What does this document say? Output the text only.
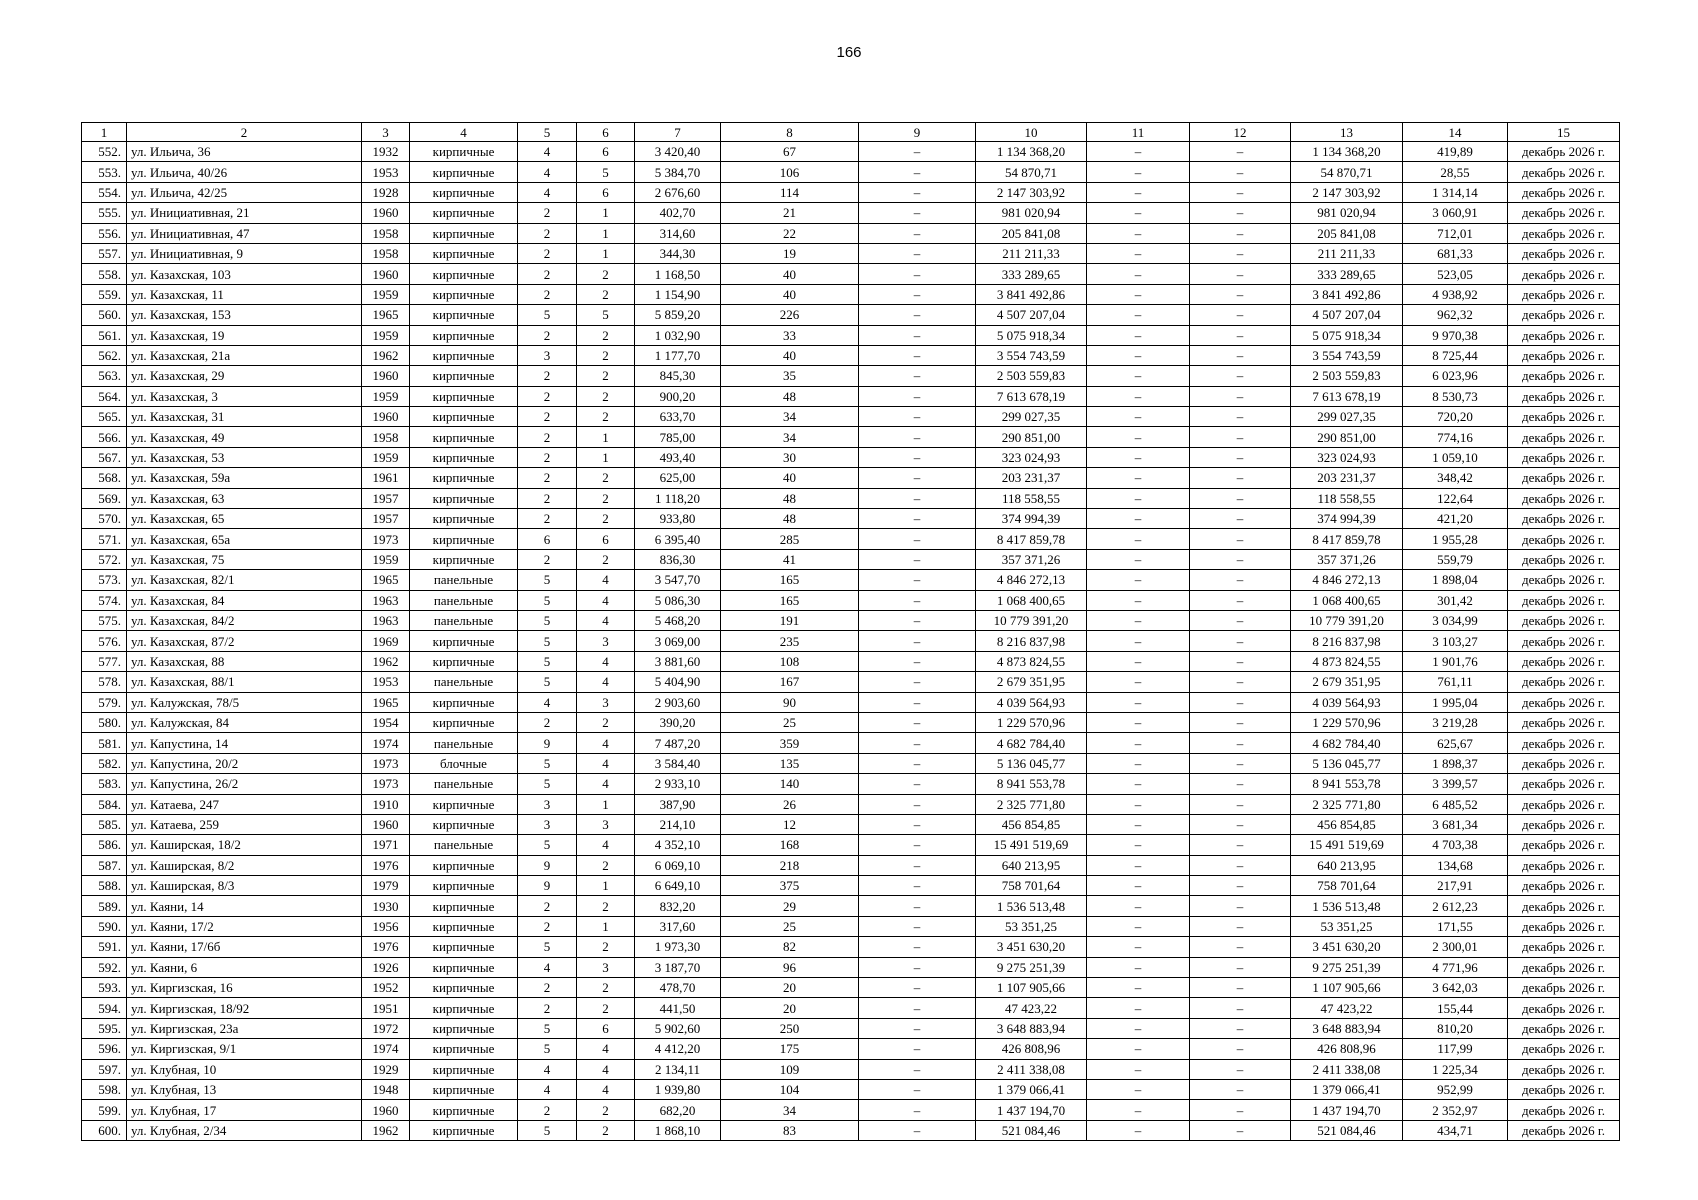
166
1	2	3	4	5	6	7	8	9	10	11	12	13	14	15
552.	ул. Ильича, 36	1932	кирпичные	4	6	3 420,40	67	–	1 134 368,20	–	–	1 134 368,20	419,89	декабрь 2026 г.
553.	ул. Ильича, 40/26	1953	кирпичные	4	5	5 384,70	106	–	54 870,71	–	–	54 870,71	28,55	декабрь 2026 г.
554.	ул. Ильича, 42/25	1928	кирпичные	4	6	2 676,60	114	–	2 147 303,92	–	–	2 147 303,92	1 314,14	декабрь 2026 г.
555.	ул. Инициативная, 21	1960	кирпичные	2	1	402,70	21	–	981 020,94	–	–	981 020,94	3 060,91	декабрь 2026 г.
556.	ул. Инициативная, 47	1958	кирпичные	2	1	314,60	22	–	205 841,08	–	–	205 841,08	712,01	декабрь 2026 г.
557.	ул. Инициативная, 9	1958	кирпичные	2	1	344,30	19	–	211 211,33	–	–	211 211,33	681,33	декабрь 2026 г.
558.	ул. Казахская, 103	1960	кирпичные	2	2	1 168,50	40	–	333 289,65	–	–	333 289,65	523,05	декабрь 2026 г.
559.	ул. Казахская, 11	1959	кирпичные	2	2	1 154,90	40	–	3 841 492,86	–	–	3 841 492,86	4 938,92	декабрь 2026 г.
560.	ул. Казахская, 153	1965	кирпичные	5	5	5 859,20	226	–	4 507 207,04	–	–	4 507 207,04	962,32	декабрь 2026 г.
561.	ул. Казахская, 19	1959	кирпичные	2	2	1 032,90	33	–	5 075 918,34	–	–	5 075 918,34	9 970,38	декабрь 2026 г.
562.	ул. Казахская, 21а	1962	кирпичные	3	2	1 177,70	40	–	3 554 743,59	–	–	3 554 743,59	8 725,44	декабрь 2026 г.
563.	ул. Казахская, 29	1960	кирпичные	2	2	845,30	35	–	2 503 559,83	–	–	2 503 559,83	6 023,96	декабрь 2026 г.
564.	ул. Казахская, 3	1959	кирпичные	2	2	900,20	48	–	7 613 678,19	–	–	7 613 678,19	8 530,73	декабрь 2026 г.
565.	ул. Казахская, 31	1960	кирпичные	2	2	633,70	34	–	299 027,35	–	–	299 027,35	720,20	декабрь 2026 г.
566.	ул. Казахская, 49	1958	кирпичные	2	1	785,00	34	–	290 851,00	–	–	290 851,00	774,16	декабрь 2026 г.
567.	ул. Казахская, 53	1959	кирпичные	2	1	493,40	30	–	323 024,93	–	–	323 024,93	1 059,10	декабрь 2026 г.
568.	ул. Казахская, 59а	1961	кирпичные	2	2	625,00	40	–	203 231,37	–	–	203 231,37	348,42	декабрь 2026 г.
569.	ул. Казахская, 63	1957	кирпичные	2	2	1 118,20	48	–	118 558,55	–	–	118 558,55	122,64	декабрь 2026 г.
570.	ул. Казахская, 65	1957	кирпичные	2	2	933,80	48	–	374 994,39	–	–	374 994,39	421,20	декабрь 2026 г.
571.	ул. Казахская, 65а	1973	кирпичные	6	6	6 395,40	285	–	8 417 859,78	–	–	8 417 859,78	1 955,28	декабрь 2026 г.
572.	ул. Казахская, 75	1959	кирпичные	2	2	836,30	41	–	357 371,26	–	–	357 371,26	559,79	декабрь 2026 г.
573.	ул. Казахская, 82/1	1965	панельные	5	4	3 547,70	165	–	4 846 272,13	–	–	4 846 272,13	1 898,04	декабрь 2026 г.
574.	ул. Казахская, 84	1963	панельные	5	4	5 086,30	165	–	1 068 400,65	–	–	1 068 400,65	301,42	декабрь 2026 г.
575.	ул. Казахская, 84/2	1963	панельные	5	4	5 468,20	191	–	10 779 391,20	–	–	10 779 391,20	3 034,99	декабрь 2026 г.
576.	ул. Казахская, 87/2	1969	кирпичные	5	3	3 069,00	235	–	8 216 837,98	–	–	8 216 837,98	3 103,27	декабрь 2026 г.
577.	ул. Казахская, 88	1962	кирпичные	5	4	3 881,60	108	–	4 873 824,55	–	–	4 873 824,55	1 901,76	декабрь 2026 г.
578.	ул. Казахская, 88/1	1953	панельные	5	4	5 404,90	167	–	2 679 351,95	–	–	2 679 351,95	761,11	декабрь 2026 г.
579.	ул. Калужская, 78/5	1965	кирпичные	4	3	2 903,60	90	–	4 039 564,93	–	–	4 039 564,93	1 995,04	декабрь 2026 г.
580.	ул. Калужская, 84	1954	кирпичные	2	2	390,20	25	–	1 229 570,96	–	–	1 229 570,96	3 219,28	декабрь 2026 г.
581.	ул. Капустина, 14	1974	панельные	9	4	7 487,20	359	–	4 682 784,40	–	–	4 682 784,40	625,67	декабрь 2026 г.
582.	ул. Капустина, 20/2	1973	блочные	5	4	3 584,40	135	–	5 136 045,77	–	–	5 136 045,77	1 898,37	декабрь 2026 г.
583.	ул. Капустина, 26/2	1973	панельные	5	4	2 933,10	140	–	8 941 553,78	–	–	8 941 553,78	3 399,57	декабрь 2026 г.
584.	ул. Катаева, 247	1910	кирпичные	3	1	387,90	26	–	2 325 771,80	–	–	2 325 771,80	6 485,52	декабрь 2026 г.
585.	ул. Катаева, 259	1960	кирпичные	3	3	214,10	12	–	456 854,85	–	–	456 854,85	3 681,34	декабрь 2026 г.
586.	ул. Каширская, 18/2	1971	панельные	5	4	4 352,10	168	–	15 491 519,69	–	–	15 491 519,69	4 703,38	декабрь 2026 г.
587.	ул. Каширская, 8/2	1976	кирпичные	9	2	6 069,10	218	–	640 213,95	–	–	640 213,95	134,68	декабрь 2026 г.
588.	ул. Каширская, 8/3	1979	кирпичные	9	1	6 649,10	375	–	758 701,64	–	–	758 701,64	217,91	декабрь 2026 г.
589.	ул. Каяни, 14	1930	кирпичные	2	2	832,20	29	–	1 536 513,48	–	–	1 536 513,48	2 612,23	декабрь 2026 г.
590.	ул. Каяни, 17/2	1956	кирпичные	2	1	317,60	25	–	53 351,25	–	–	53 351,25	171,55	декабрь 2026 г.
591.	ул. Каяни, 17/6б	1976	кирпичные	5	2	1 973,30	82	–	3 451 630,20	–	–	3 451 630,20	2 300,01	декабрь 2026 г.
592.	ул. Каяни, 6	1926	кирпичные	4	3	3 187,70	96	–	9 275 251,39	–	–	9 275 251,39	4 771,96	декабрь 2026 г.
593.	ул. Киргизская, 16	1952	кирпичные	2	2	478,70	20	–	1 107 905,66	–	–	1 107 905,66	3 642,03	декабрь 2026 г.
594.	ул. Киргизская, 18/92	1951	кирпичные	2	2	441,50	20	–	47 423,22	–	–	47 423,22	155,44	декабрь 2026 г.
595.	ул. Киргизская, 23а	1972	кирпичные	5	6	5 902,60	250	–	3 648 883,94	–	–	3 648 883,94	810,20	декабрь 2026 г.
596.	ул. Киргизская, 9/1	1974	кирпичные	5	4	4 412,20	175	–	426 808,96	–	–	426 808,96	117,99	декабрь 2026 г.
597.	ул. Клубная, 10	1929	кирпичные	4	4	2 134,11	109	–	2 411 338,08	–	–	2 411 338,08	1 225,34	декабрь 2026 г.
598.	ул. Клубная, 13	1948	кирпичные	4	4	1 939,80	104	–	1 379 066,41	–	–	1 379 066,41	952,99	декабрь 2026 г.
599.	ул. Клубная, 17	1960	кирпичные	2	2	682,20	34	–	1 437 194,70	–	–	1 437 194,70	2 352,97	декабрь 2026 г.
600.	ул. Клубная, 2/34	1962	кирпичные	5	2	1 868,10	83	–	521 084,46	–	–	521 084,46	434,71	декабрь 2026 г.
